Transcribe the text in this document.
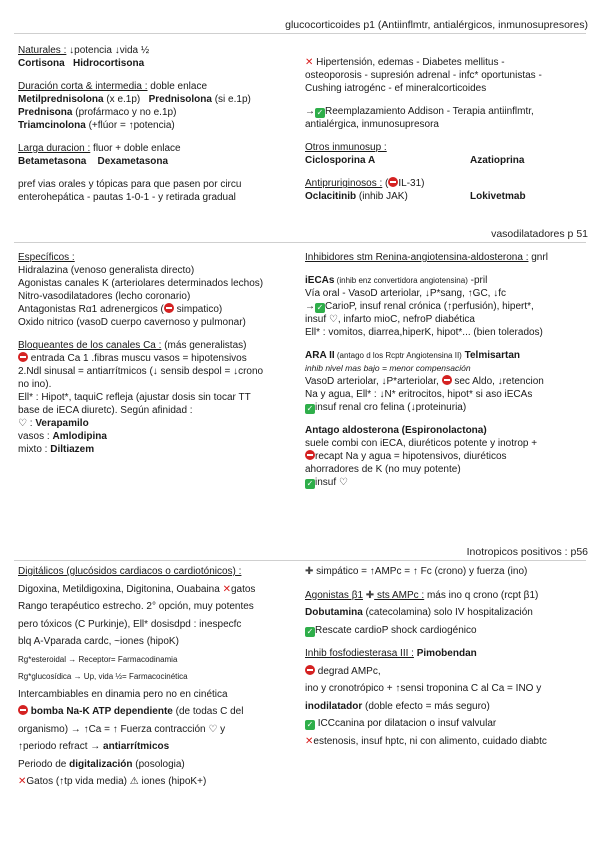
glucocorticoides p1 (Antiinflmtr, antialérgicos, inmunosupresores)
Naturales : ↓potencia ↓vida ½
Cortisona Hidrocortisona
Duración corta & intermedia : doble enlace
Metilprednisolona (x e.1p) Prednisolona (si e.1p)
Prednisona (profármaco y no e.1p)
Triamcinolona (+flúor = ↑potencia)
Larga duracion : fluor + doble enlace
Betametasona Dexametasona
pref vias orales y tópicas para que pasen por circu
enterohepática - pautas 1-0-1 - y retirada gradual
✕ Hipertensión, edemas - Diabetes mellitus -
osteoporosis - supresión adrenal - infc* oportunistas -
Cushing iatrogénc - ef mineralcorticoides
→ ✓ Reemplazamiento Addison - Terapia antiinflmtr,
antialérgica, inmunosupresora
Otros inmunosup :
Ciclosporina A	Azatioprina
Antipruriginosos : ( IL-31)
Oclacitinib (inhib JAK)	Lokivetmab
vasodilatadores p 51
Específicos :
Hidralazina (venoso generalista directo)
Agonistas canales K (arteriolares determinados lechos)
Nitro-vasodilatadores (lecho coronario)
Antagonistas Rα1 adrenergicos ( simpatico)
Oxido nitrico (vasoD cuerpo cavernoso y pulmonar)
Bloqueantes de los canales Ca : (más generalistas)
entrada Ca 1 .fibras muscu vasos = hipotensivos
2.Ndl sinusal = antiarrítmicos (↓ sensib despol = ↓crono
no ino).
Ell* : Hipot*, taquiC refleja (ajustar dosis sin tocar TT
base de iECA diuretc). Según afinidad :
♡ : Verapamilo
vasos : Amlodipina
mixto : Diltiazem
Inhibidores stm Renina-angiotensina-aldosterona : gnrl
iECAs (inhib enz convertidora angiotensina) -pril
Vía oral - VasoD arteriolar, ↓P*sang, ↑GC, ↓fc
→ ✓ CarioP, insuf renal crónica (↑perfusión), hipert*,
insuf ♡, infarto mioC, nefroP diabética
Ell* : vomitos, diarrea,hiperK, hipot*... (bien tolerados)
ARA II (antago d los Rcptr Angiotensina II) Telmisartan
inhib nivel mas bajo = menor compensación
VasoD arteriolar, ↓P*arteriolar,  sec Aldo, ↓retencion
Na y agua, Ell* : ↓N* eritrocitos, hipot* si aso iECAs
✓ insuf renal cro felina (↓proteinuria)
Antago aldosterona (Espironolactona)
suele combi con iECA, diuréticos potente y inotrop +
recapt Na y agua = hipotensivos, diuréticos
ahorradores de K (no muy potente)
✓ insuf ♡
Inotropicos positivos : p56
Digitálicos (glucósidos cardiacos o cardiotónicos) :
Digoxina, Metildigoxina, Digitonina, Ouabaina ✕gatos
Rango terapéutico estrecho. 2° opción, muy potentes
pero tóxicos (C Purkinje), Ell* dosisdpd : inespecfc
blq A-Vparada cardc, ~iones (hipoK)
Rg*esteroidal → Receptor= Farmacodinamia
Rg*glucosídica → Up, vida ½= Farmacocinética
Intercambiables en dinamia pero no en cinética
bomba Na-K ATP dependiente (de todas C del
organismo) → ↑Ca = ↑ Fuerza contracción ♡ y
↑periodo refract → antiarrítmicos
Periodo de digitalización (posologia)
✕Gatos (↑tp vida media) ⚠ iones (hipoK+)
✚ simpático = ↑AMPc = ↑ Fc (crono) y fuerza (ino)
Agonistas β1 ✚ sts AMPc : más ino q crono (rcpt β1)
Dobutamina (catecolamina) solo IV hospitalización
✓ Rescate cardioP shock cardiogénico
Inhib fosfodiesterasa III : Pimobendan
degrad AMPc,
ino y cronotrópico + ↑sensi troponina C al Ca = INO y
inodilatador (doble efecto = más seguro)
✓ ICCcanina por dilatacion o insuf valvular
✕estenosis, insuf hptc, ni con alimento, cuidado diabtc
